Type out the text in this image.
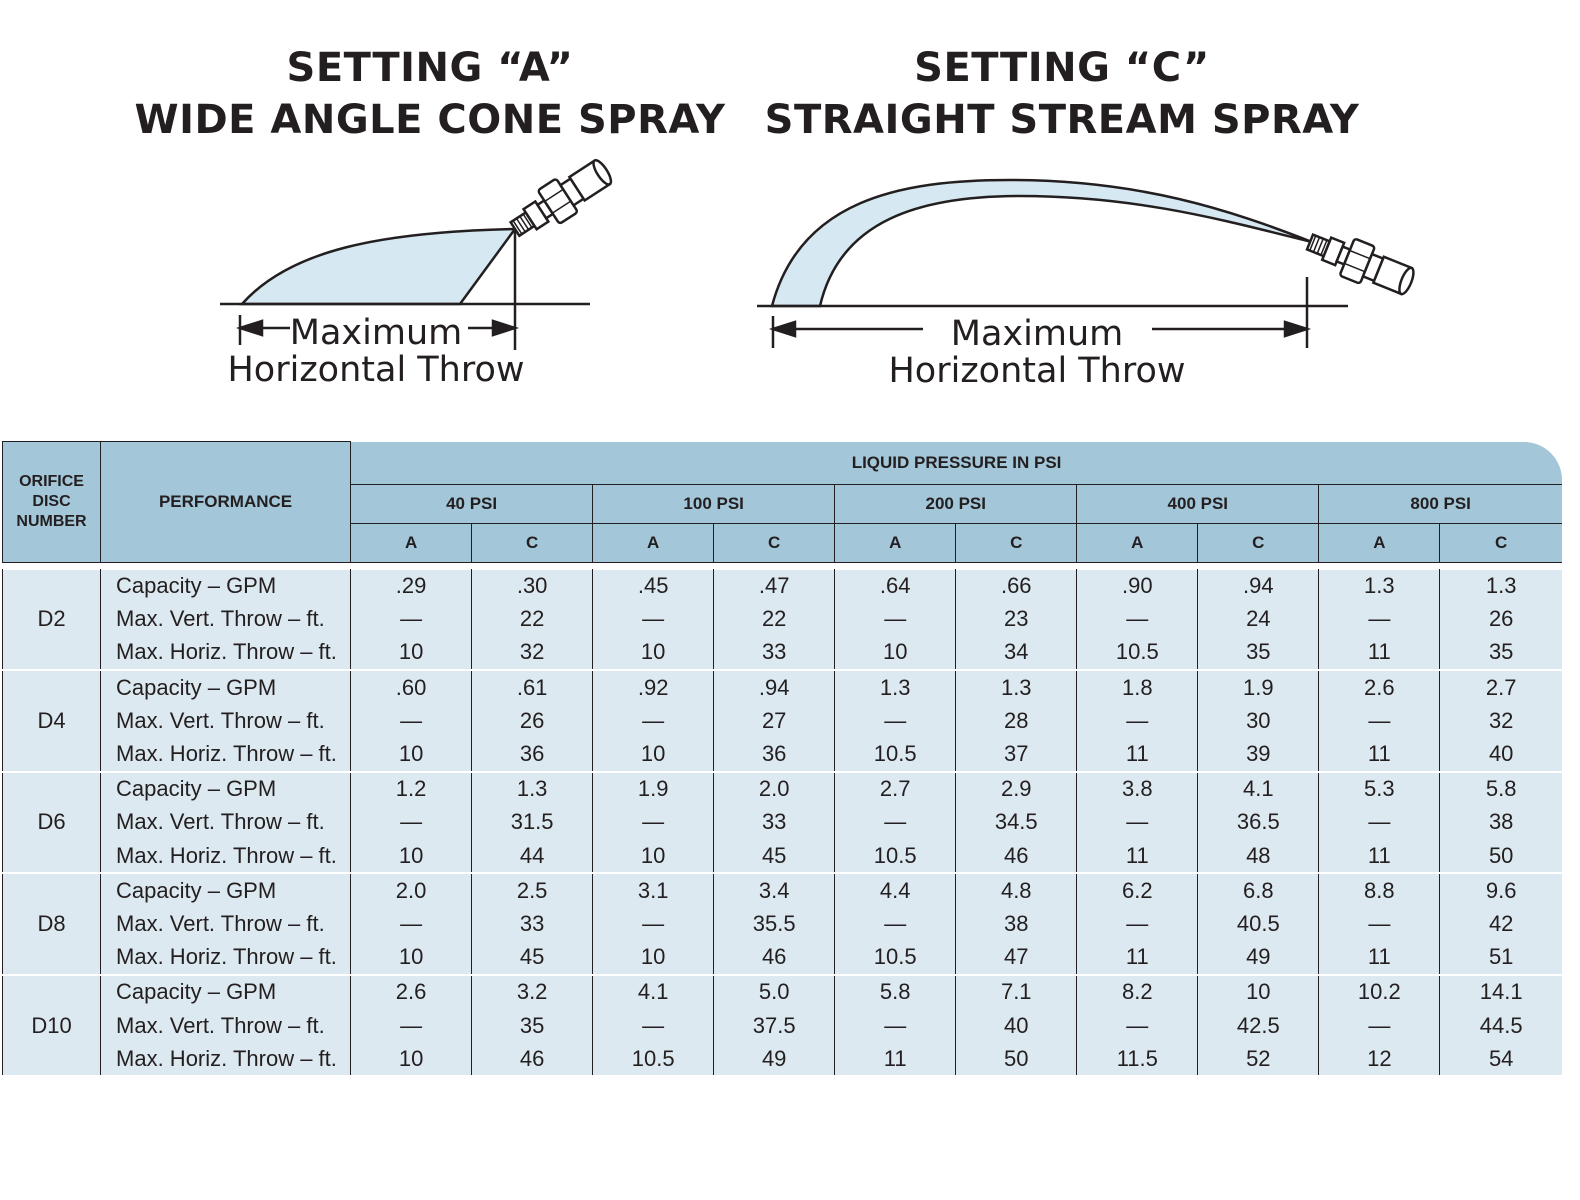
SETTING “A”
WIDE ANGLE CONE SPRAY
SETTING “C”
STRAIGHT STREAM SPRAY
Maximum
Horizontal Throw
Maximum
Horizontal Throw
ORIFICE
DISC
NUMBER	PERFORMANCE	LIQUID PRESSURE IN PSI									
		40 PSI		100 PSI		200 PSI		400 PSI		800 PSI	
		A	C	A	C	A	C	A	C	A	C

D2	Capacity – GPM	.29	.30	.45	.47	.64	.66	.90	.94	1.3	1.3
	Max. Vert. Throw – ft.	—	22	—	22	—	23	—	24	—	26
	Max. Horiz. Throw – ft.	10	32	10	33	10	34	10.5	35	11	35
D4	Capacity – GPM	.60	.61	.92	.94	1.3	1.3	1.8	1.9	2.6	2.7
	Max. Vert. Throw – ft.	—	26	—	27	—	28	—	30	—	32
	Max. Horiz. Throw – ft.	10	36	10	36	10.5	37	11	39	11	40
D6	Capacity – GPM	1.2	1.3	1.9	2.0	2.7	2.9	3.8	4.1	5.3	5.8
	Max. Vert. Throw – ft.	—	31.5	—	33	—	34.5	—	36.5	—	38
	Max. Horiz. Throw – ft.	10	44	10	45	10.5	46	11	48	11	50
D8	Capacity – GPM	2.0	2.5	3.1	3.4	4.4	4.8	6.2	6.8	8.8	9.6
	Max. Vert. Throw – ft.	—	33	—	35.5	—	38	—	40.5	—	42
	Max. Horiz. Throw – ft.	10	45	10	46	10.5	47	11	49	11	51
D10	Capacity – GPM	2.6	3.2	4.1	5.0	5.8	7.1	8.2	10	10.2	14.1
	Max. Vert. Throw – ft.	—	35	—	37.5	—	40	—	42.5	—	44.5
	Max. Horiz. Throw – ft.	10	46	10.5	49	11	50	11.5	52	12	54
